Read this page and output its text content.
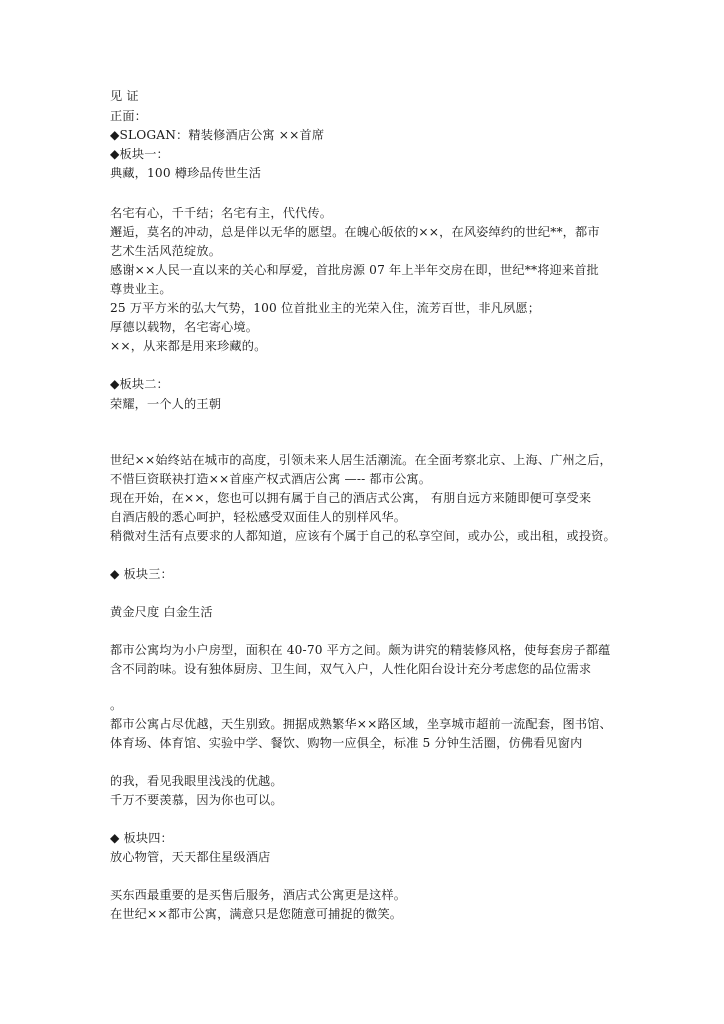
见 证
正面：
◆SLOGAN：精装修酒店公寓 ××首席
◆板块一：
典藏，100 樽珍品传世生活
名宅有心，千千结；名宅有主，代代传。
邂逅，莫名的冲动，总是伴以无华的愿望。在魄心皈依的××，在风姿绰约的世纪**，都市
艺术生活风范绽放。
感谢××人民一直以来的关心和厚爱，首批房源 07 年上半年交房在即，世纪**将迎来首批
尊贵业主。
25 万平方米的弘大气势，100 位首批业主的光荣入住，流芳百世，非凡夙愿；
厚德以载物，名宅寄心境。
××，从来都是用来珍藏的。
◆板块二：
荣耀，一个人的王朝
世纪××始终站在城市的高度，引领未来人居生活潮流。在全面考察北京、上海、广州之后，
不惜巨资联袂打造××首座产权式酒店公寓 —-- 都市公寓。
现在开始，在××，您也可以拥有属于自己的酒店式公寓， 有朋自远方来随即便可享受来
自酒店般的悉心呵护，轻松感受双面佳人的别样风华。
稍微对生活有点要求的人都知道，应该有个属于自己的私享空间，或办公，或出租，或投资。
◆ 板块三：
黄金尺度 白金生活
都市公寓均为小户房型，面积在 40-70 平方之间。颇为讲究的精装修风格，使每套房子都蕴
含不同韵味。设有独体厨房、卫生间，双气入户，人性化阳台设计充分考虑您的品位需求
。
都市公寓占尽优越，天生别致。拥据成熟繁华××路区域，坐享城市超前一流配套，图书馆、
体育场、体育馆、实验中学、餐饮、购物一应俱全，标准 5 分钟生活圈，仿佛看见窗内
的我，看见我眼里浅浅的优越。
千万不要羡慕，因为你也可以。
◆ 板块四：
放心物管，天天都住星级酒店
买东西最重要的是买售后服务，酒店式公寓更是这样。
在世纪××都市公寓，满意只是您随意可捕捉的微笑。
